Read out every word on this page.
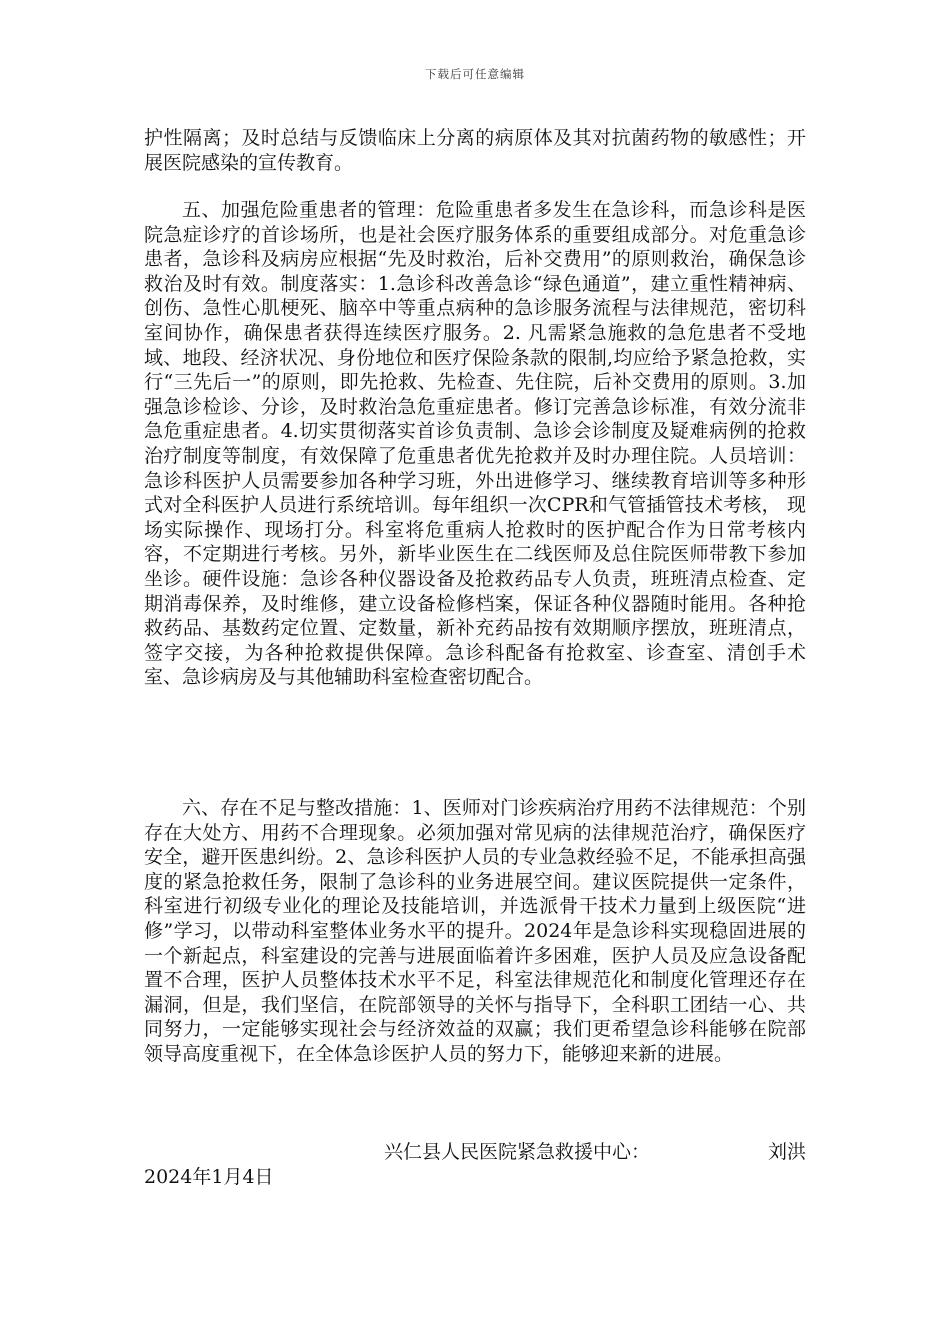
下载后可任意编辑

护性隔离；及时总结与反馈临床上分离的病原体及其对抗菌药物的敏感性；开展医院感染的宣传教育。

五、加强危险重患者的管理：危险重患者多发生在急诊科，而急诊科是医院急症诊疗的首诊场所，也是社会医疗服务体系的重要组成部分。对危重急诊患者，急诊科及病房应根据“先及时救治，后补交费用”的原则救治，确保急诊救治及时有效。制度落实：1.急诊科改善急诊“绿色通道”，建立重性精神病、创伤、急性心肌梗死、脑卒中等重点病种的急诊服务流程与法律规范，密切科室间协作，确保患者获得连续医疗服务。2. 凡需紧急施救的急危患者不受地域、地段、经济状况、身份地位和医疗保险条款的限制,均应给予紧急抢救，实行“三先后一”的原则，即先抢救、先检查、先住院，后补交费用的原则。3.加强急诊检诊、分诊，及时救治急危重症患者。修订完善急诊标准，有效分流非急危重症患者。4.切实贯彻落实首诊负责制、急诊会诊制度及疑难病例的抢救治疗制度等制度，有效保障了危重患者优先抢救并及时办理住院。人员培训：急诊科医护人员需要参加各种学习班，外出进修学习、继续教育培训等多种形式对全科医护人员进行系统培训。每年组织一次CPR和气管插管技术考核， 现场实际操作、现场打分。科室将危重病人抢救时的医护配合作为日常考核内容，不定期进行考核。另外，新毕业医生在二线医师及总住院医师带教下参加坐诊。硬件设施：急诊各种仪器设备及抢救药品专人负责，班班清点检查、定期消毒保养，及时维修，建立设备检修档案，保证各种仪器随时能用。各种抢救药品、基数药定位置、定数量，新补充药品按有效期顺序摆放，班班清点，签字交接，为各种抢救提供保障。急诊科配备有抢救室、诊查室、清创手术室、急诊病房及与其他辅助科室检查密切配合。

六、存在不足与整改措施：1、医师对门诊疾病治疗用药不法律规范：个别存在大处方、用药不合理现象。必须加强对常见病的法律规范治疗，确保医疗安全，避开医患纠纷。2、急诊科医护人员的专业急救经验不足，不能承担高强度的紧急抢救任务，限制了急诊科的业务进展空间。建议医院提供一定条件，科室进行初级专业化的理论及技能培训，并选派骨干技术力量到上级医院“进修”学习，以带动科室整体业务水平的提升。2024年是急诊科实现稳固进展的一个新起点，科室建设的完善与进展面临着许多困难，医护人员及应急设备配置不合理，医护人员整体技术水平不足，科室法律规范化和制度化管理还存在漏洞，但是，我们坚信，在院部领导的关怀与指导下，全科职工团结一心、共同努力，一定能够实现社会与经济效益的双赢；我们更希望急诊科能够在院部领导高度重视下，在全体急诊医护人员的努力下，能够迎来新的进展。

兴仁县人民医院紧急救援中心：	刘洪
2024年1月4日
